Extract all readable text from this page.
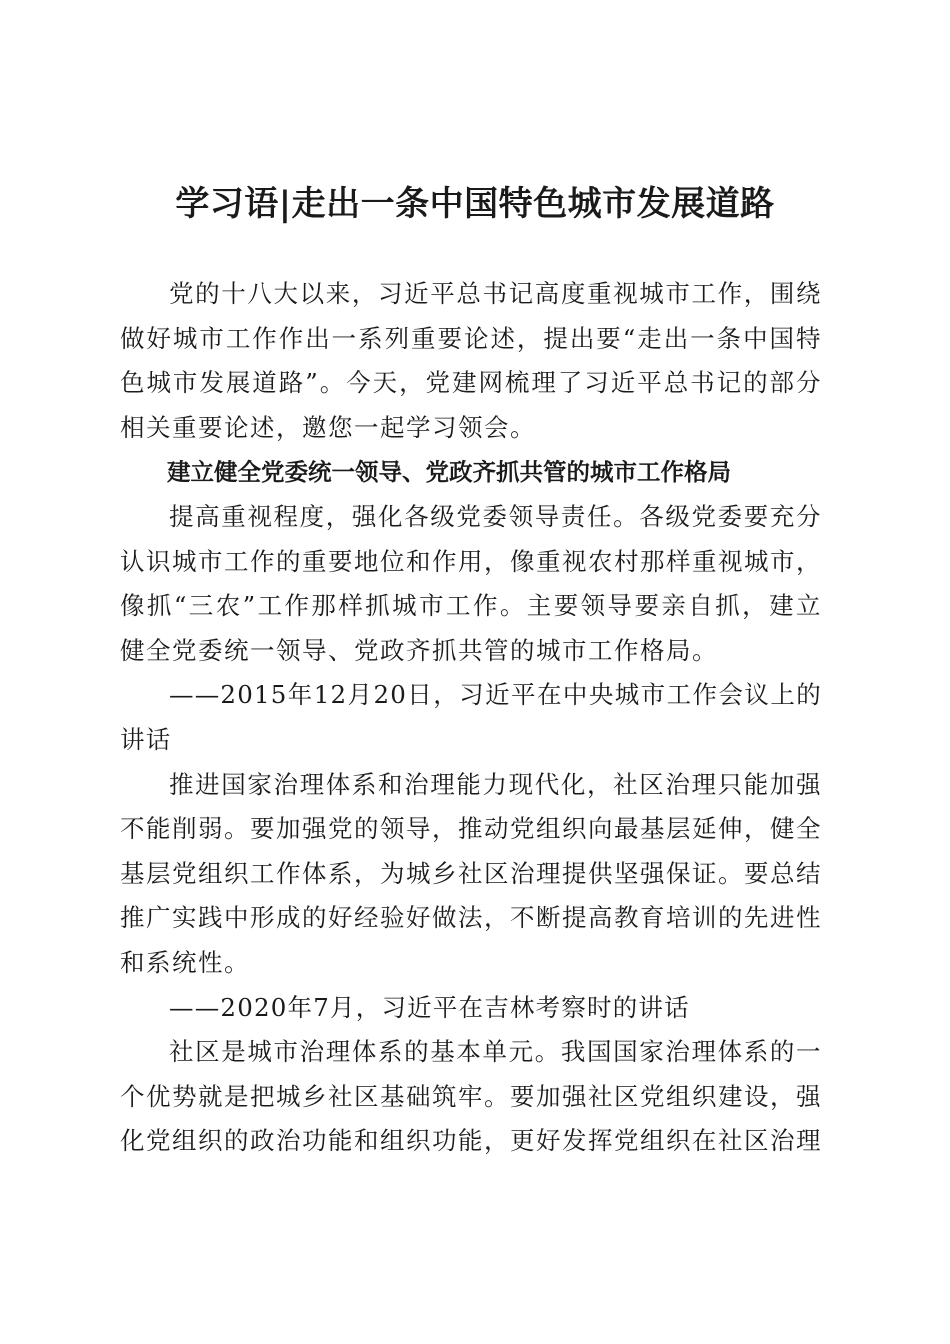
学习语|走出一条中国特色城市发展道路

党的十八大以来，习近平总书记高度重视城市工作，围绕做好城市工作作出一系列重要论述，提出要“走出一条中国特色城市发展道路”。今天，党建网梳理了习近平总书记的部分相关重要论述，邀您一起学习领会。

建立健全党委统一领导、党政齐抓共管的城市工作格局

提高重视程度，强化各级党委领导责任。各级党委要充分认识城市工作的重要地位和作用，像重视农村那样重视城市，像抓“三农”工作那样抓城市工作。主要领导要亲自抓，建立健全党委统一领导、党政齐抓共管的城市工作格局。

——2015年12月20日，习近平在中央城市工作会议上的讲话

推进国家治理体系和治理能力现代化，社区治理只能加强不能削弱。要加强党的领导，推动党组织向最基层延伸，健全基层党组织工作体系，为城乡社区治理提供坚强保证。要总结推广实践中形成的好经验好做法，不断提高教育培训的先进性和系统性。

——2020年7月，习近平在吉林考察时的讲话

社区是城市治理体系的基本单元。我国国家治理体系的一个优势就是把城乡社区基础筑牢。要加强社区党组织建设，强化党组织的政治功能和组织功能，更好发挥党组织在社区治理
